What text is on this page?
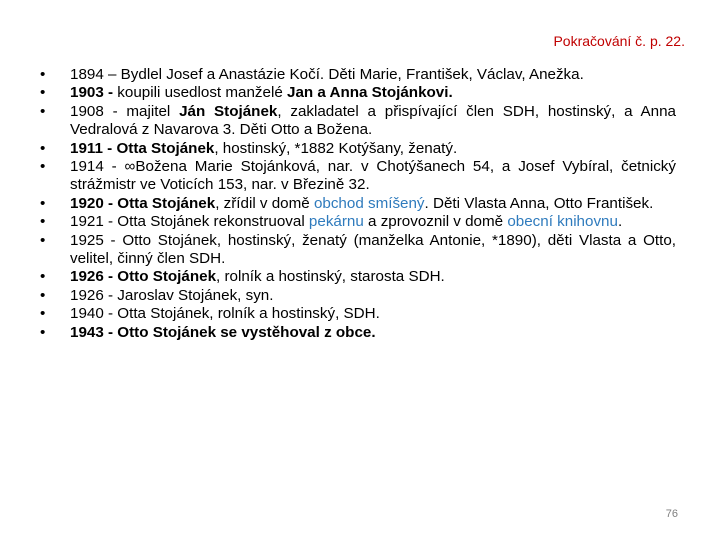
Pokračování č. p. 22.
•	1894 – Bydlel Josef a Anastázie Kočí. Děti Marie, František, Václav, Anežka.
•	1903 - koupili usedlost manželé Jan a Anna Stojánkovi.
•	1908 - majitel Ján Stojánek, zakladatel a přispívající člen SDH, hostinský, a Anna Vedralová z Navarova 3. Děti Otto a Božena.
•	1911 - Otta Stojánek, hostinský, *1882 Kotýšany, ženatý.
•	1914 - ∞Božena Marie Stojánková, nar. v Chotýšanech 54, a Josef Vybíral, četnický strážmistr ve Voticích 153, nar. v Březině 32.
•	1920 - Otta Stojánek, zřídil v domě obchod smíšený. Děti Vlasta Anna, Otto František.
•	1921 - Otta Stojánek rekonstruoval pekárnu a zprovoznil v domě obecní knihovnu.
•	1925 - Otto Stojánek, hostinský, ženatý (manželka Antonie, *1890), děti Vlasta a Otto, velitel, činný člen SDH.
•	1926 - Otto Stojánek, rolník a hostinský, starosta SDH.
•	1926 - Jaroslav Stojánek, syn.
•	1940 - Otta Stojánek, rolník a hostinský, SDH.
•	1943 - Otto Stojánek se vystěhoval z obce.
76
